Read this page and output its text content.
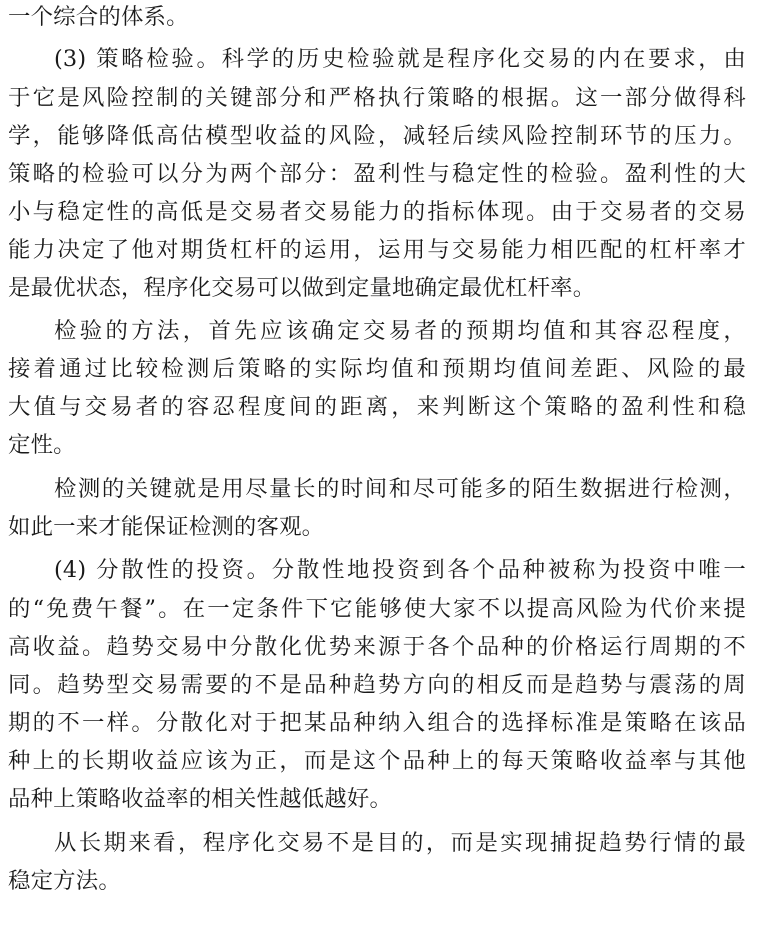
一个综合的体系。
(3) 策略检验。科学的历史检验就是程序化交易的内在要求，由
于它是风险控制的关键部分和严格执行策略的根据。这一部分做得科
学，能够降低高估模型收益的风险，减轻后续风险控制环节的压力。
策略的检验可以分为两个部分：盈利性与稳定性的检验。盈利性的大
小与稳定性的高低是交易者交易能力的指标体现。由于交易者的交易
能力决定了他对期货杠杆的运用，运用与交易能力相匹配的杠杆率才
是最优状态，程序化交易可以做到定量地确定最优杠杆率。
检验的方法，首先应该确定交易者的预期均值和其容忍程度，
接着通过比较检测后策略的实际均值和预期均值间差距、风险的最
大值与交易者的容忍程度间的距离，来判断这个策略的盈利性和稳
定性。
检测的关键就是用尽量长的时间和尽可能多的陌生数据进行检测，
如此一来才能保证检测的客观。
(4) 分散性的投资。分散性地投资到各个品种被称为投资中唯一
的“免费午餐”。在一定条件下它能够使大家不以提高风险为代价来提
高收益。趋势交易中分散化优势来源于各个品种的价格运行周期的不
同。趋势型交易需要的不是品种趋势方向的相反而是趋势与震荡的周
期的不一样。分散化对于把某品种纳入组合的选择标准是策略在该品
种上的长期收益应该为正，而是这个品种上的每天策略收益率与其他
品种上策略收益率的相关性越低越好。
从长期来看，程序化交易不是目的，而是实现捕捉趋势行情的最
稳定方法。
